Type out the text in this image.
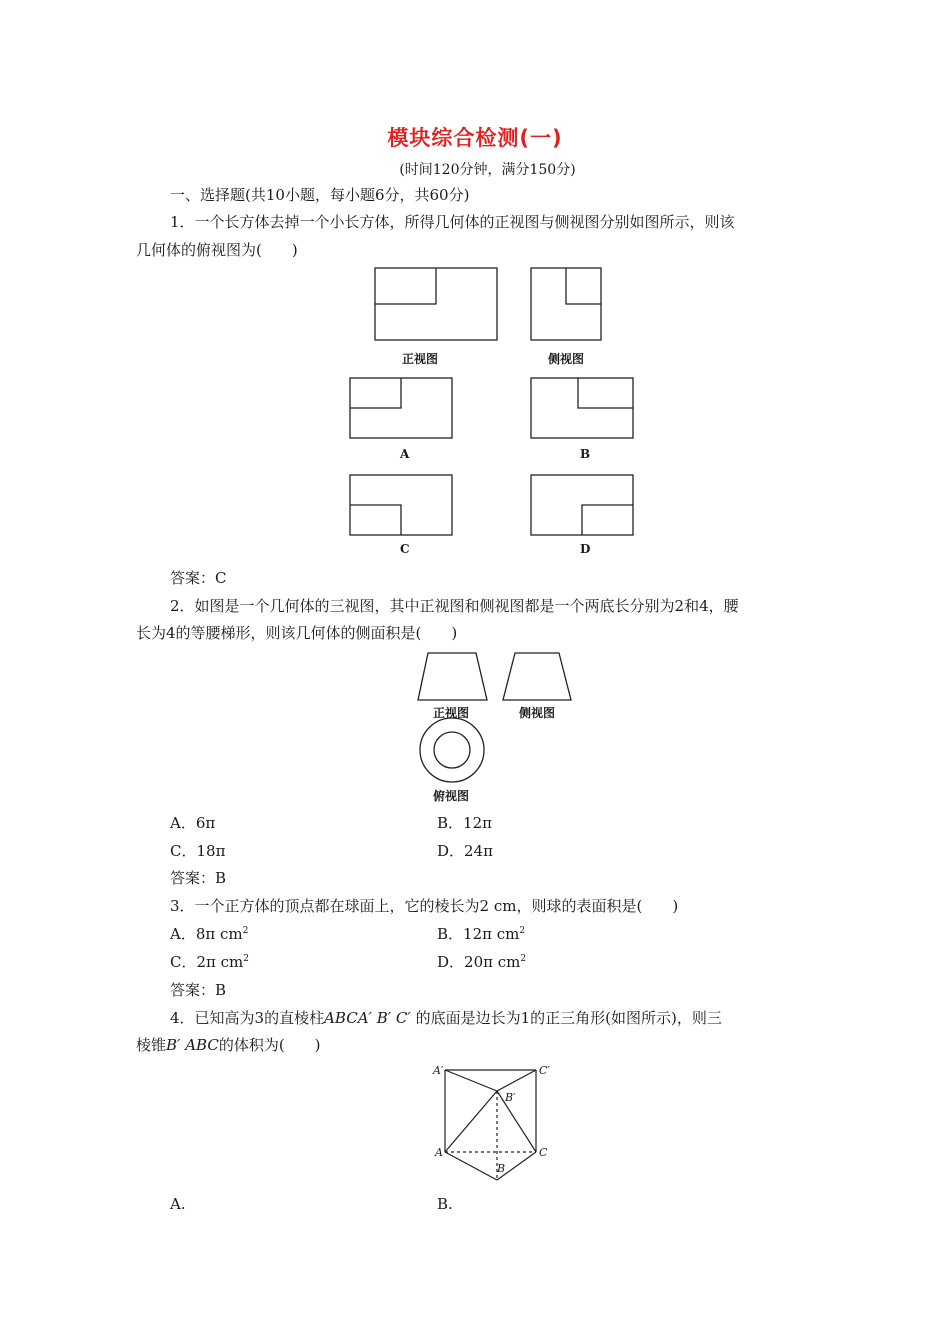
模块综合检测(一)
(时间120分钟，满分150分)
一、选择题(共10小题，每小题6分，共60分)
1．一个长方体去掉一个小长方体，所得几何体的正视图与侧视图分别如图所示，则该
几何体的俯视图为(　　)
正视图	侧视图
A	B
C	D
答案：C
2．如图是一个几何体的三视图，其中正视图和侧视图都是一个两底长分别为2和4，腰
长为4的等腰梯形，则该几何体的侧面积是(　　)
正视图	侧视图
俯视图
A．6π	B．12π
C．18π	D．24π
答案：B
3．一个正方体的顶点都在球面上，它的棱长为2 cm，则球的表面积是(　　)
A．8π $cm^2$	B．12π $cm^2$
C．2π $cm^2$	D．20π $cm^2$
答案：B
4．已知高为3的直棱柱ABCA′ B′ C′ 的底面是边长为1的正三角形(如图所示)，则三
棱锥B′ ABC的体积为(　　)
A′	C′
B′
A	C
B
A.	B.
